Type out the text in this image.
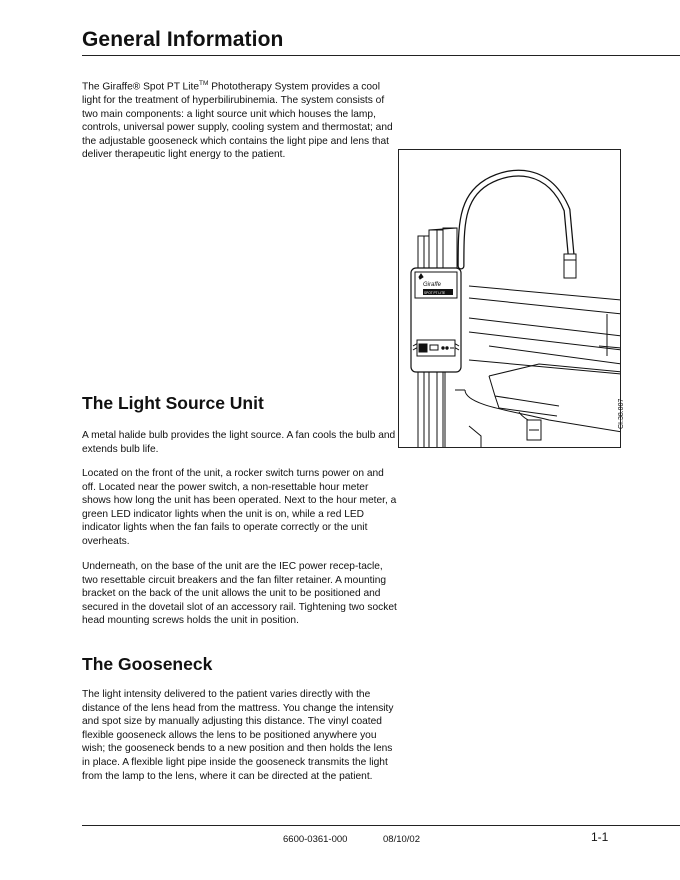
General Information

The Giraffe® Spot PT Lite™ Phototherapy System provides a cool light for the treatment of hyperbilirubinemia. The system consists of two main components: a light source unit which houses the lamp, controls, universal power supply, cooling system and thermostat; and the adjustable gooseneck which contains the light pipe and lens that deliver therapeutic light energy to the patient.

Giraffe
SPOT PT LITE
CI.38.007
The Light Source Unit

A metal halide bulb provides the light source. A fan cools the bulb and extends bulb life.

Located on the front of the unit, a rocker switch turns power on and off. Located near the power switch, a non-resettable hour meter shows how long the unit has been operated. Next to the hour meter, a green LED indicator lights when the unit is on, while a red LED indicator lights when the fan fails to operate correctly or the unit overheats.

Underneath, on the base of the unit are the IEC power recep-tacle, two resettable circuit breakers and the fan filter retainer. A mounting bracket on the back of the unit allows the unit to be positioned and secured in the dovetail slot of an accessory rail. Tightening two socket head mounting screws holds the unit in position.

The Gooseneck

The light intensity delivered to the patient varies directly with the distance of the lens head from the mattress. You change the intensity and spot size by manually adjusting this distance. The vinyl coated flexible gooseneck allows the lens to be positioned anywhere you wish; the gooseneck bends to a new position and then holds the lens in place. A flexible light pipe inside the gooseneck transmits the light from the lamp to the lens, where it can be directed at the patient.

6600-0361-000	08/10/02	1-1
